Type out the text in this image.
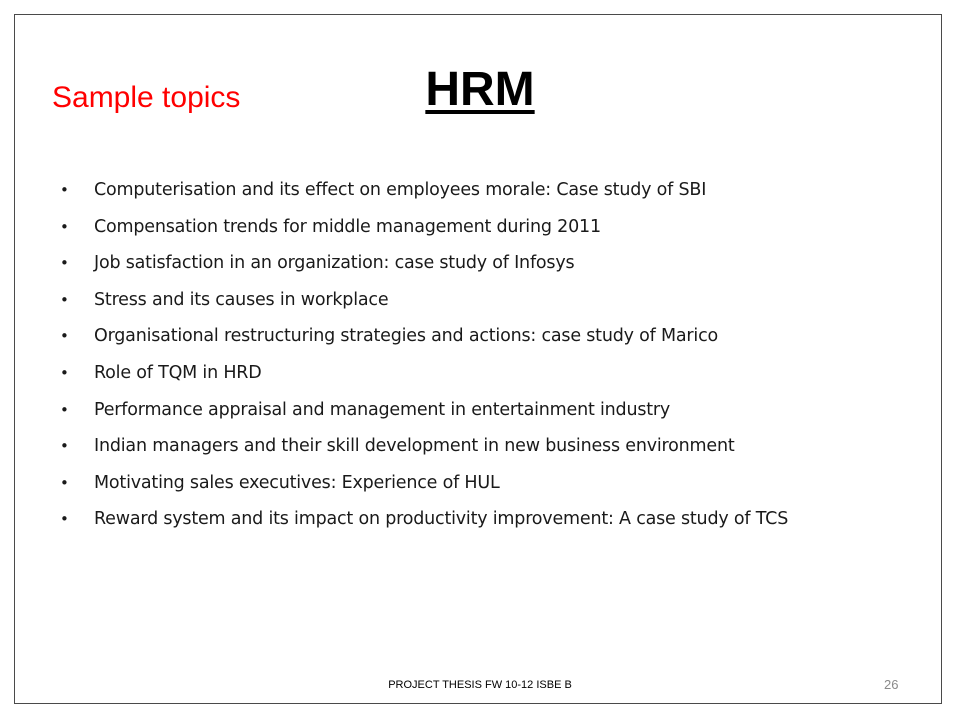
Sample topics	HRM
• Computerisation and its effect on employees morale: Case study of SBI
• Compensation trends for middle management during 2011
• Job satisfaction in an organization: case study of Infosys
• Stress and its causes in workplace
• Organisational restructuring strategies and actions: case study of Marico
• Role of TQM in HRD
• Performance appraisal and management in entertainment industry
• Indian managers and their skill development in new business environment
• Motivating sales executives: Experience of HUL
• Reward system and its impact on productivity improvement: A case study of TCS
PROJECT THESIS FW 10-12 ISBE B	26
